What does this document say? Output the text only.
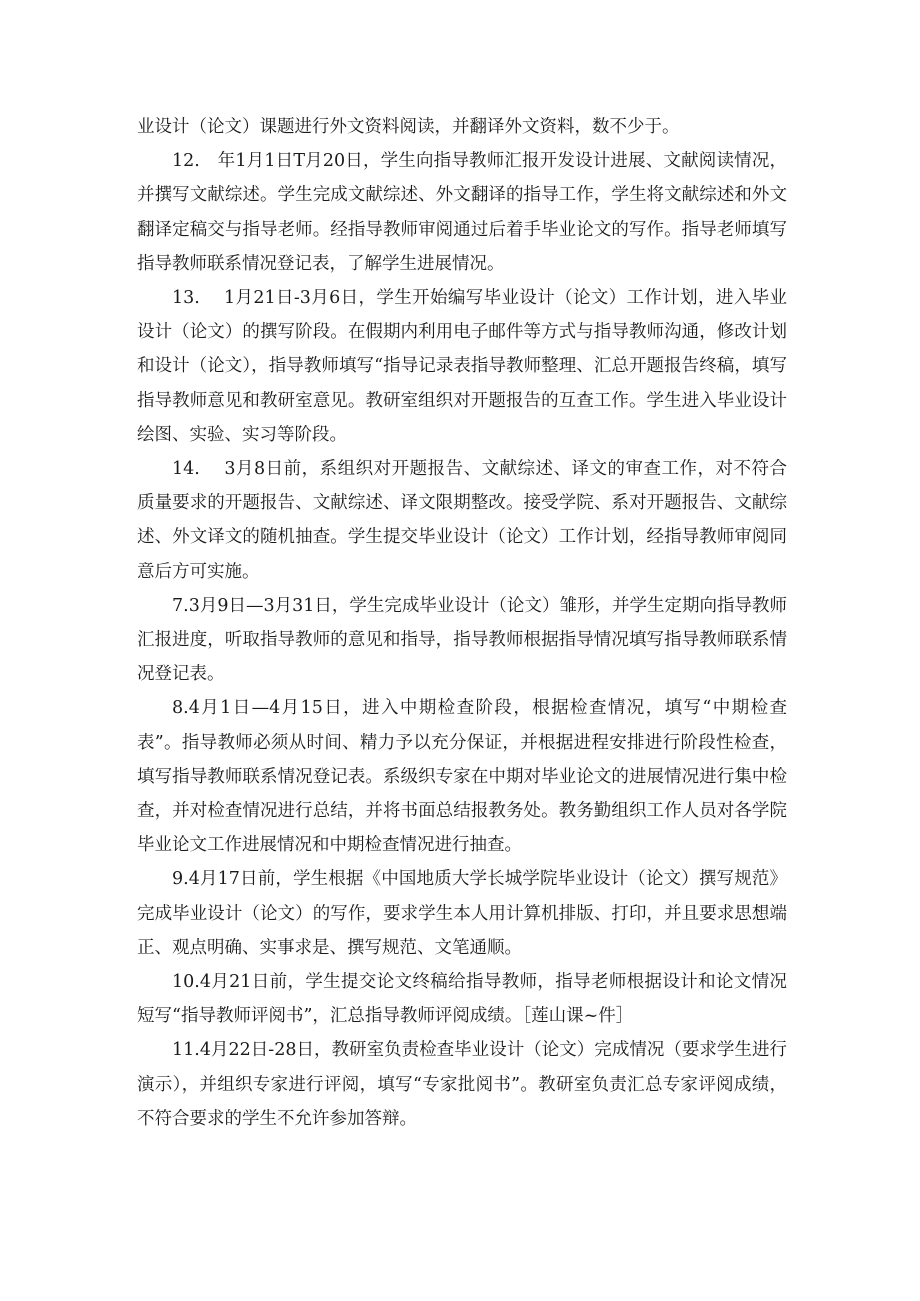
业设计（论文）课题进行外文资料阅读，并翻译外文资料，数不少于。

12.　年1月1日T月20日，学生向指导教师汇报开发设计进展、文献阅读情况，并撰写文献综述。学生完成文献综述、外文翻译的指导工作，学生将文献综述和外文翻译定稿交与指导老师。经指导教师审阅通过后着手毕业论文的写作。指导老师填写指导教师联系情况登记表，了解学生进展情况。

13.　 1月21日-3月6日，学生开始编写毕业设计（论文）工作计划，进入毕业设计（论文）的撰写阶段。在假期内利用电子邮件等方式与指导教师沟通，修改计划和设计（论文），指导教师填写“指导记录表指导教师整理、汇总开题报告终稿，填写指导教师意见和教研室意见。教研室组织对开题报告的互查工作。学生进入毕业设计绘图、实验、实习等阶段。

14.　 3月8日前，系组织对开题报告、文献综述、译文的审查工作，对不符合质量要求的开题报告、文献综述、译文限期整改。接受学院、系对开题报告、文献综述、外文译文的随机抽查。学生提交毕业设计（论文）工作计划，经指导教师审阅同意后方可实施。

7.3月9日—3月31日，学生完成毕业设计（论文）雏形，并学生定期向指导教师汇报进度，听取指导教师的意见和指导，指导教师根据指导情况填写指导教师联系情况登记表。

8.4月1日—4月15日，进入中期检查阶段，根据检查情况，填写“中期检查表”。指导教师必须从时间、精力予以充分保证，并根据进程安排进行阶段性检查，填写指导教师联系情况登记表。系级织专家在中期对毕业论文的进展情况进行集中检查，并对检查情况进行总结，并将书面总结报教务处。教务勤组织工作人员对各学院毕业论文工作进展情况和中期检查情况进行抽查。

9.4月17日前，学生根据《中国地质大学长城学院毕业设计（论文）撰写规范》完成毕业设计（论文）的写作，要求学生本人用计算机排版、打印，并且要求思想端正、观点明确、实事求是、撰写规范、文笔通顺。

10.4月21日前，学生提交论文终稿给指导教师，指导老师根据设计和论文情况短写“指导教师评阅书”，汇总指导教师评阅成绩。［莲山课~件］

11.4月22日-28日，教研室负责检查毕业设计（论文）完成情况（要求学生进行演示），并组织专家进行评阅，填写“专家批阅书”。教研室负责汇总专家评阅成绩，不符合要求的学生不允许参加答辩。
